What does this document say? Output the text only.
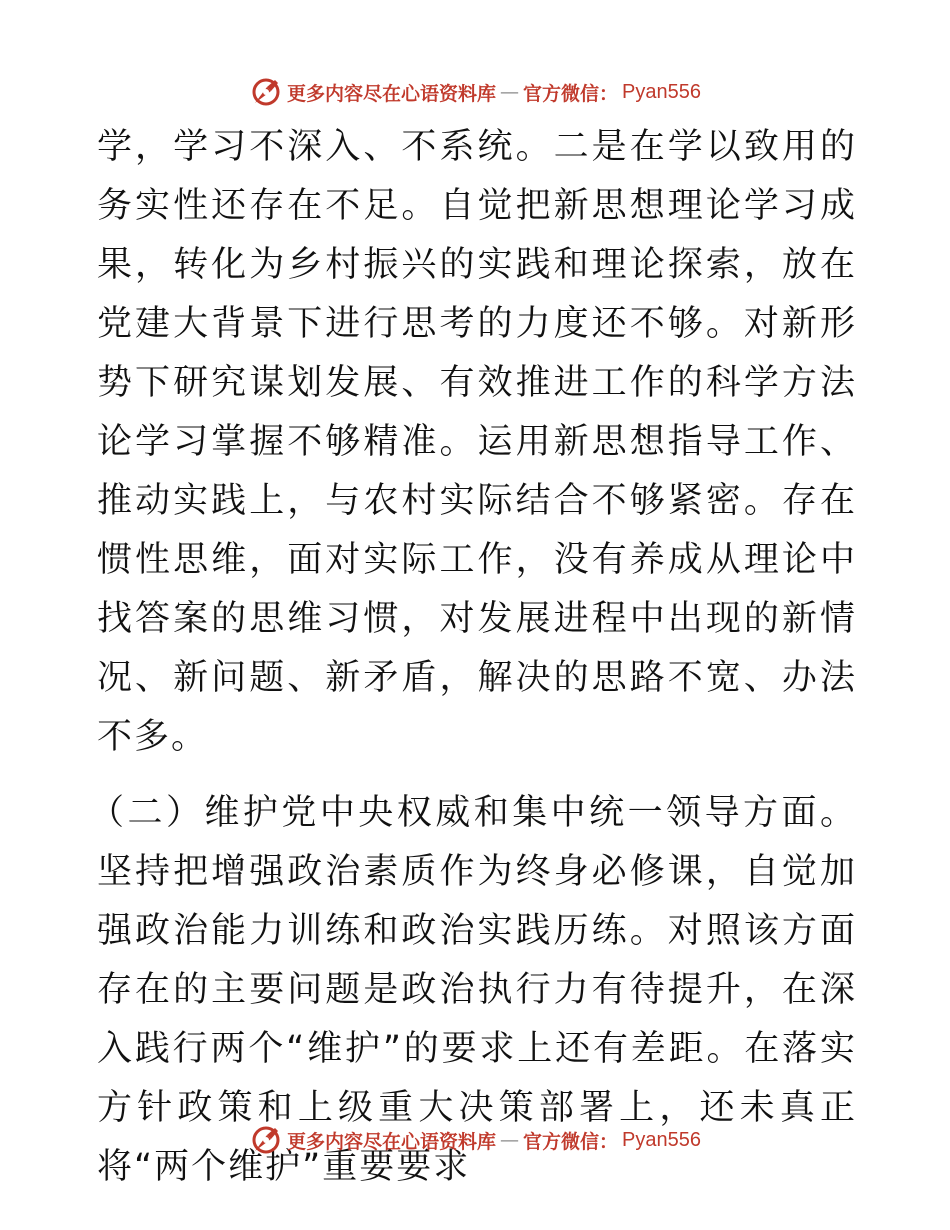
更多内容尽在心语资料库 — 官方微信： Pyan556

学，学习不深入、不系统。二是在学以致用的务实性还存在不足。自觉把新思想理论学习成果，转化为乡村振兴的实践和理论探索，放在党建大背景下进行思考的力度还不够。对新形势下研究谋划发展、有效推进工作的科学方法论学习掌握不够精准。运用新思想指导工作、推动实践上，与农村实际结合不够紧密。存在惯性思维，面对实际工作，没有养成从理论中找答案的思维习惯，对发展进程中出现的新情况、新问题、新矛盾，解决的思路不宽、办法不多。

（二）维护党中央权威和集中统一领导方面。坚持把增强政治素质作为终身必修课，自觉加强政治能力训练和政治实践历练。对照该方面存在的主要问题是政治执行力有待提升，在深入践行两个“维护”的要求上还有差距。在落实方针政策和上级重大决策部署上，还未真正将“两个维护”重要要求

更多内容尽在心语资料库 — 官方微信： Pyan556
